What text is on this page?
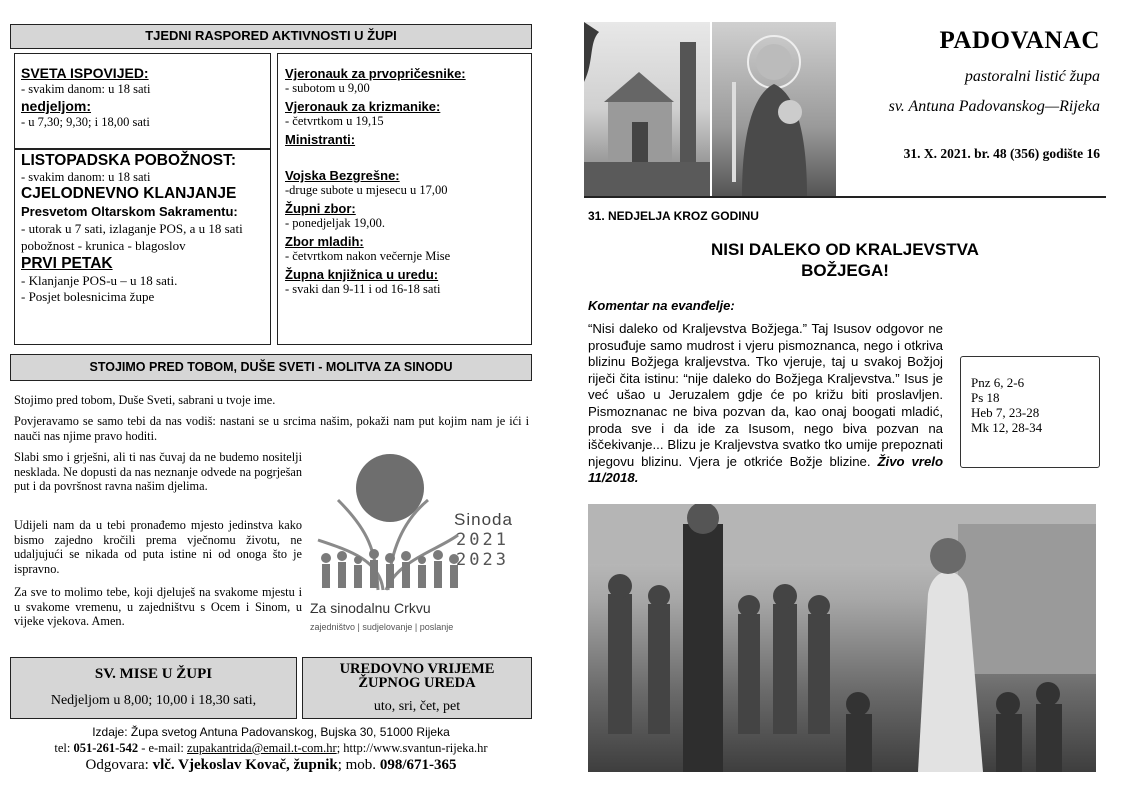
TJEDNI RASPORED AKTIVNOSTI U ŽUPI
SVETA ISPOVIJED:
- svakim danom: u 18 sati
nedjeljom:
- u 7,30; 9,30; i 18,00 sati
LISTOPADSKA POBOŽNOST:
- svakim danom: u 18 sati
CJELODNEVNO KLANJANJE
Presvetom Oltarskom Sakramentu:
- utorak u 7 sati, izlaganje POS, a u 18 sati pobožnost - krunica - blagoslov
PRVI PETAK
- Klanjanje POS-u – u 18 sati.
- Posjet bolesnicima župe
Vjeronauk za prvopričesnike:
- subotom u 9,00
Vjeronauk za krizmanike:
- četvrtkom u 19,15
Ministranti:
Vojska Bezgrešne:
-druge subote u mjesecu u 17,00
Župni zbor:
- ponedjeljak 19,00.
Zbor mladih:
- četvrtkom nakon večernje Mise
Župna knjižnica u uredu:
- svaki dan 9-11 i od 16-18 sati
STOJIMO PRED TOBOM, DUŠE SVETI - MOLITVA ZA SINODU

Stojimo pred tobom, Duše Sveti, sabrani u tvoje ime.

Povjeravamo se samo tebi da nas vodiš: nastani se u srcima našim, pokaži nam put kojim nam je ići i nauči nas njime pravo hoditi.

Slabi smo i grješni, ali ti nas čuvaj da ne budemo nositelji nesklada. Ne dopusti da nas neznanje odvede na pogrješan put i da površnost ravna našim djelima.

Udijeli nam da u tebi pronađemo mjesto jedinstva kako bismo zajedno kročili prema vječnomu životu, ne udaljujući se nikada od puta istine ni od onoga što je ispravno.

Za sve to molimo tebe, koji djeluješ na svakome mjestu i u svakome vremenu, u zajedništvu s Ocem i Sinom, u vijeke vjekova. Amen.

Sinoda
2021
2023
Za sinodalnu Crkvu
zajedništvo | sudjelovanje | poslanje
SV. MISE U ŽUPI
Nedjeljom u 8,00; 10,00 i 18,30 sati,
UREDOVNO VRIJEME ŽUPNOG UREDA
uto, sri, čet, pet
Izdaje: Župa svetog Antuna Padovanskog, Bujska 30, 51000 Rijeka
tel: 051-261-542 - e-mail: zupakantrida@email.t-com.hr; http://www.svantun-rijeka.hr
Odgovara: vlč. Vjekoslav Kovač, župnik; mob. 098/671-365
PADOVANAC
pastoralni listić župa
sv. Antuna Padovanskog—Rijeka
31. X. 2021. br. 48 (356) godište 16
31. NEDJELJA KROZ GODINU
NISI DALEKO OD KRALJEVSTVA
BOŽJEGA!
Komentar na evanđelje:
“Nisi daleko od Kraljevstva Božjega.” Taj Isusov odgovor ne prosuđuje samo mudrost i vjeru pismoznanca, nego i otkriva blizinu Božjega kraljevstva. Tko vjeruje, taj u svakoj Božjoj riječi čita istinu: “nije daleko do Božjega Kraljevstva.” Isus je već ušao u Jeruzalem gdje će po križu biti proslavljen. Pismoznanac ne biva pozvan da, kao onaj boogati mladić, proda sve i da ide za Isusom, nego biva pozvan na iščekivanje... Blizu je Kraljevstva svatko tko umije prepoznati njegovu blizinu. Vjera je otkriće Božje blizine. Živo vrelo 11/2018.
Pnz 6, 2-6
Ps 18
Heb 7, 23-28
Mk 12, 28-34
